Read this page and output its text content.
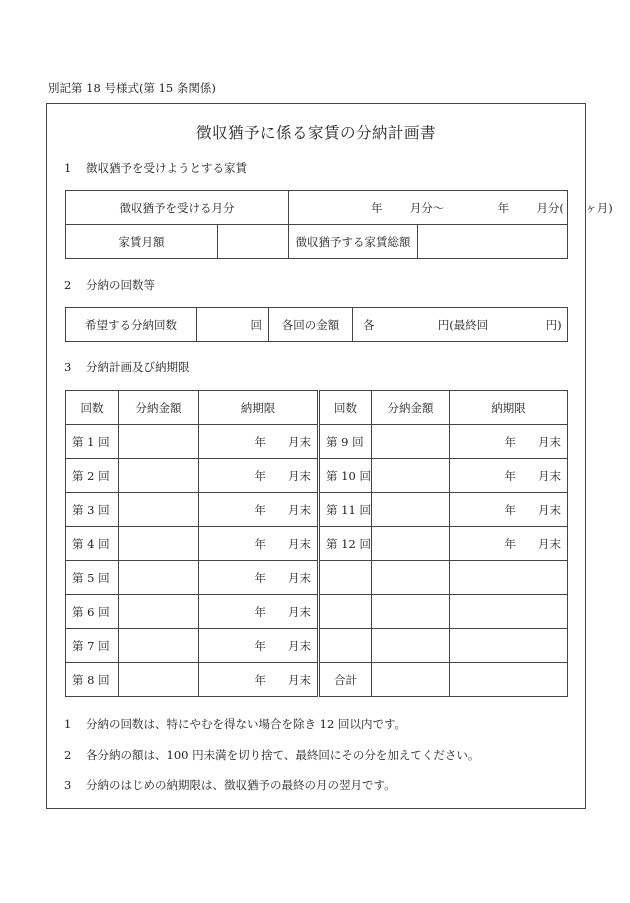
別記第 18 号様式(第 15 条関係)
徴収猶予に係る家賃の分納計画書
1 徴収猶予を受けようとする家賃
徴収猶予を受ける月分		年 月分〜 年 月分( ヶ月)	
家賃月額		徴収猶予する家賃総額	
2 分納の回数等
希望する分納回数	回	各回の金額	各	円(最終回	円)
3 分納計画及び納期限
回数	分納金額	納期限	回数	分納金額	納期限
第 1 回		年 月末	第 9 回		年 月末
第 2 回		年 月末	第 10 回		年 月末
第 3 回		年 月末	第 11 回		年 月末
第 4 回		年 月末	第 12 回		年 月末
第 5 回		年 月末			
第 6 回		年 月末			
第 7 回		年 月末			
第 8 回		年 月末	合計		
1 分納の回数は、特にやむを得ない場合を除き 12 回以内です。
2 各分納の額は、100 円未満を切り捨て、最終回にその分を加えてください。
3 分納のはじめの納期限は、徴収猶予の最終の月の翌月です。
